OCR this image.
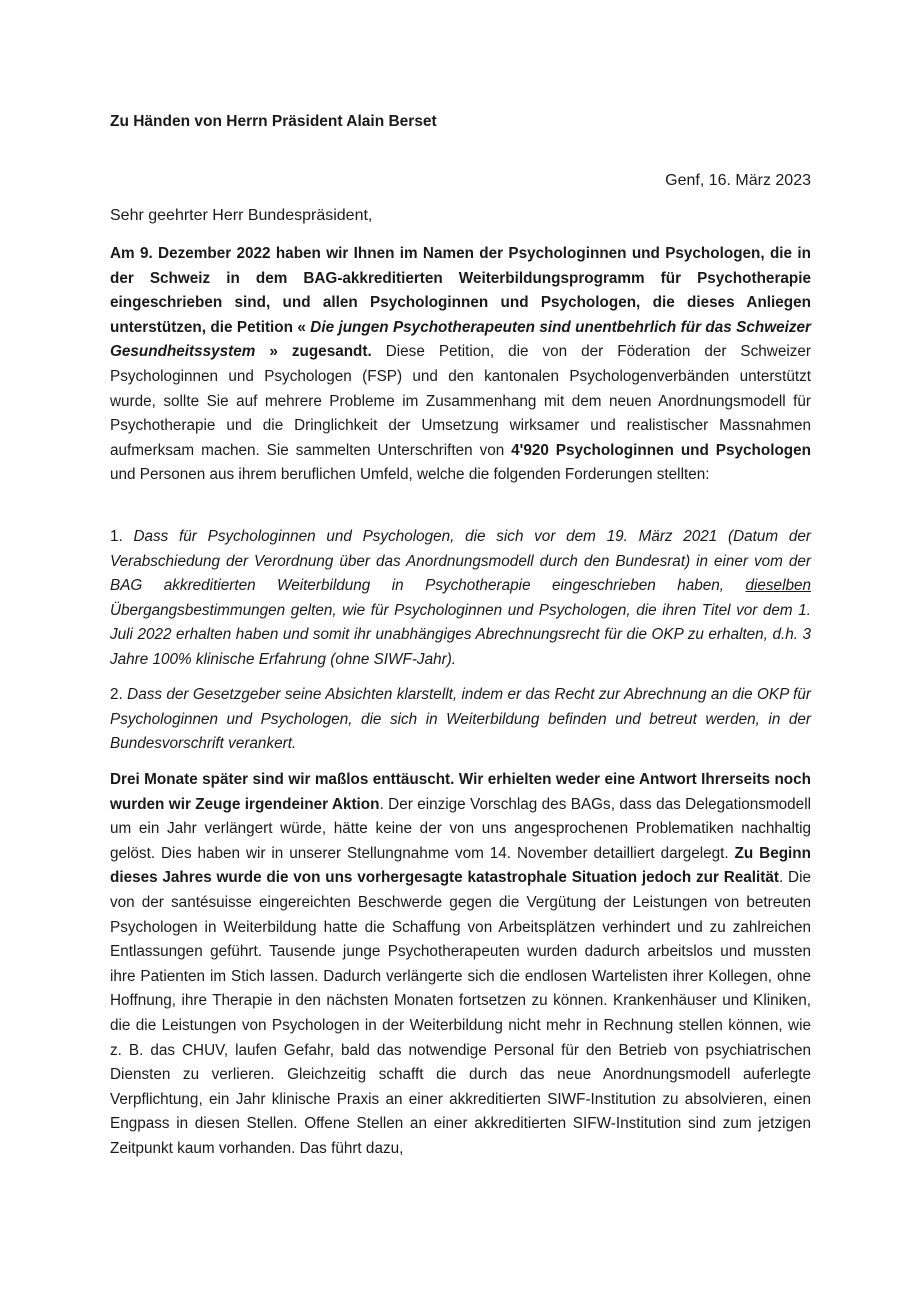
Zu Händen von Herrn Präsident Alain Berset
Genf, 16. März 2023
Sehr geehrter Herr Bundespräsident,

Am 9. Dezember 2022 haben wir Ihnen im Namen der Psychologinnen und Psychologen, die in der Schweiz in dem BAG-akkreditierten Weiterbildungsprogramm für Psychotherapie eingeschrieben sind, und allen Psychologinnen und Psychologen, die dieses Anliegen unterstützen, die Petition « Die jungen Psychotherapeuten sind unentbehrlich für das Schweizer Gesundheitssystem » zugesandt. Diese Petition, die von der Föderation der Schweizer Psychologinnen und Psychologen (FSP) und den kantonalen Psychologenverbänden unterstützt wurde, sollte Sie auf mehrere Probleme im Zusammenhang mit dem neuen Anordnungsmodell für Psychotherapie und die Dringlichkeit der Umsetzung wirksamer und realistischer Massnahmen aufmerksam machen. Sie sammelten Unterschriften von 4'920 Psychologinnen und Psychologen und Personen aus ihrem beruflichen Umfeld, welche die folgenden Forderungen stellten:

1. Dass für Psychologinnen und Psychologen, die sich vor dem 19. März 2021 (Datum der Verabschiedung der Verordnung über das Anordnungsmodell durch den Bundesrat) in einer vom der BAG akkreditierten Weiterbildung in Psychotherapie eingeschrieben haben, dieselben Übergangsbestimmungen gelten, wie für Psychologinnen und Psychologen, die ihren Titel vor dem 1. Juli 2022 erhalten haben und somit ihr unabhängiges Abrechnungsrecht für die OKP zu erhalten, d.h. 3 Jahre 100% klinische Erfahrung (ohne SIWF-Jahr).

2. Dass der Gesetzgeber seine Absichten klarstellt, indem er das Recht zur Abrechnung an die OKP für Psychologinnen und Psychologen, die sich in Weiterbildung befinden und betreut werden, in der Bundesvorschrift verankert.

Drei Monate später sind wir maßlos enttäuscht. Wir erhielten weder eine Antwort Ihrerseits noch wurden wir Zeuge irgendeiner Aktion. Der einzige Vorschlag des BAGs, dass das Delegationsmodell um ein Jahr verlängert würde, hätte keine der von uns angesprochenen Problematiken nachhaltig gelöst. Dies haben wir in unserer Stellungnahme vom 14. November detailliert dargelegt. Zu Beginn dieses Jahres wurde die von uns vorhergesagte katastrophale Situation jedoch zur Realität. Die von der santésuisse eingereichten Beschwerde gegen die Vergütung der Leistungen von betreuten Psychologen in Weiterbildung hatte die Schaffung von Arbeitsplätzen verhindert und zu zahlreichen Entlassungen geführt. Tausende junge Psychotherapeuten wurden dadurch arbeitslos und mussten ihre Patienten im Stich lassen. Dadurch verlängerte sich die endlosen Wartelisten ihrer Kollegen, ohne Hoffnung, ihre Therapie in den nächsten Monaten fortsetzen zu können. Krankenhäuser und Kliniken, die die Leistungen von Psychologen in der Weiterbildung nicht mehr in Rechnung stellen können, wie z. B. das CHUV, laufen Gefahr, bald das notwendige Personal für den Betrieb von psychiatrischen Diensten zu verlieren. Gleichzeitig schafft die durch das neue Anordnungsmodell auferlegte Verpflichtung, ein Jahr klinische Praxis an einer akkreditierten SIWF-Institution zu absolvieren, einen Engpass in diesen Stellen. Offene Stellen an einer akkreditierten SIFW-Institution sind zum jetzigen Zeitpunkt kaum vorhanden. Das führt dazu,
